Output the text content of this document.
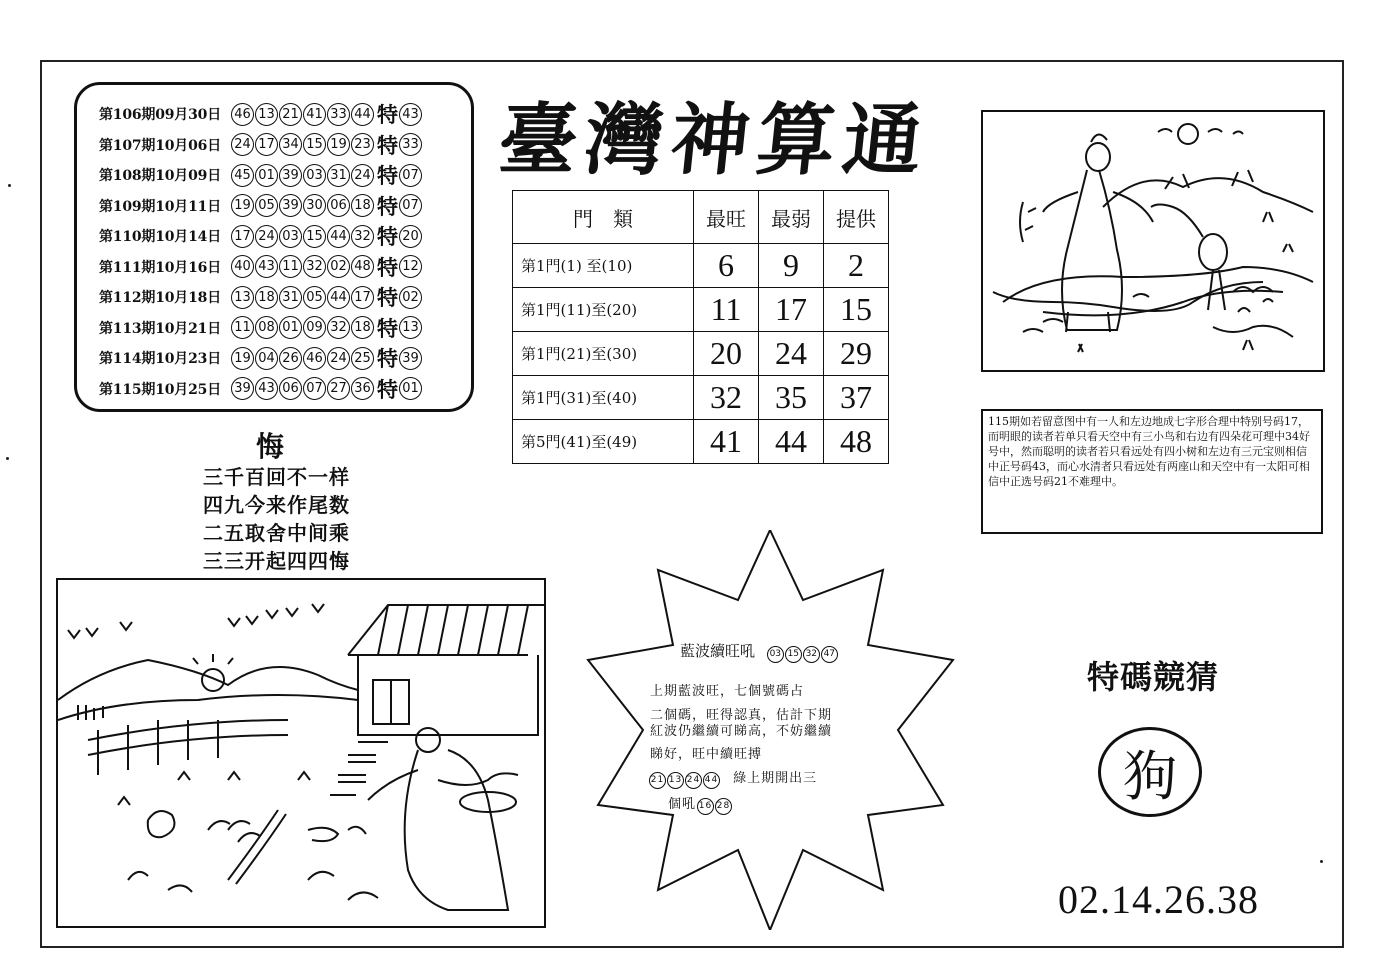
第106期09月30日	46 13 21 41 33 44 特 43
第107期10月06日	24 17 34 15 19 23 特 33
第108期10月09日	45 01 39 03 31 24 特 07
第109期10月11日	19 05 39 30 06 18 特 07
第110期10月14日	17 24 03 15 44 32 特 20
第111期10月16日	40 43 11 32 02 48 特 12
第112期10月18日	13 18 31 05 44 17 特 02
第113期10月21日	11 08 01 09 32 18 特 13
第114期10月23日	19 04 26 46 24 25 特 39
第115期10月25日	39 43 06 07 27 36 特 01
悔
三千百回不一样
四九今来作尾数
二五取舍中间乘
三三开起四四悔
臺灣神算通
門　類	最旺	最弱	提供
第1門(1) 至(10)	6	9	2
第1門(11)至(20)	11	17	15
第1門(21)至(30)	20	24	29
第1門(31)至(40)	32	35	37
第5門(41)至(49)	41	44	48
115期如若留意图中有一人和左边地成七字形合理中特别号码17，而明眼的读者若单只看天空中有三小鸟和右边有四朵花可理中34好号中，然而聪明的读者若只看远处有四小树和左边有三元宝则相信中正号码43，而心水清者只看远处有两座山和天空中有一太阳可相信中正选号码21不难理中。
藍波續旺吼 03 15 32 47
上期藍波旺，七個號碼占
二個碼，旺得認真，估計下期
紅波仍繼續可睇高，不妨繼續
睇好，旺中續旺搏
21 13 24 44 綠上期開出三
個吼 16 28
特碼競猜
狗
02.14.26.38
